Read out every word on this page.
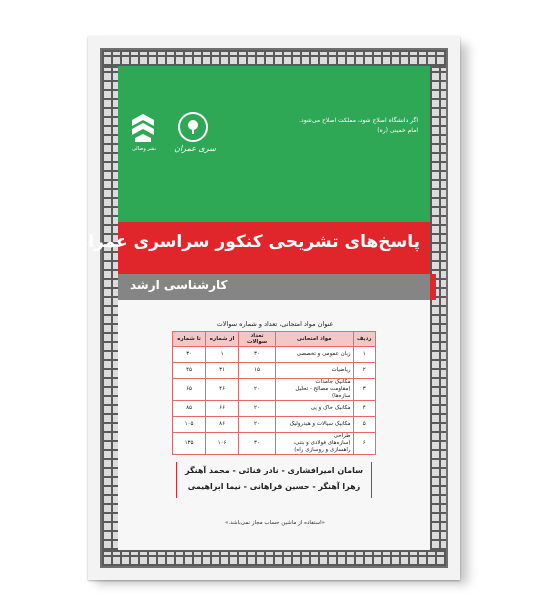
نشر وصالی	سری عمران
اگر دانشگاه اصلاح شود، مملکت اصلاح می‌شود.
امام خمینی (ره)
پاسخ‌های تشریحی کنکور سراسری عمران
کارشناسی ارشد
عنوان مواد امتحانی، تعداد و شماره سوالات
ردیف	مواد امتحانی	تعداد سوالات	از شماره	تا شماره
۱	زبان عمومی و تخصصی	۳۰	۱	۳۰
۲	ریاضیات	۱۵	۳۱	۴۵
۳	مکانیک جامدات
(مقاومت مصالح - تحلیل سازه‌ها)	۲۰	۴۶	۶۵
۴	مکانیک خاک و پی	۲۰	۶۶	۸۵
۵	مکانیک سیالات و هیدرولیک	۲۰	۸۶	۱۰۵
۶	طراحی
(سازه‌های فولادی و بتنی، راهسازی و روسازی راه)	۳۰	۱۰۶	۱۳۵
سامان امیرافشاری - نادر فنائی - محمد آهنگر
زهرا آهنگر - حسین فراهانی - نیما ابراهیمی
«استفاده از ماشین حساب مجاز نمی‌باشد.»
